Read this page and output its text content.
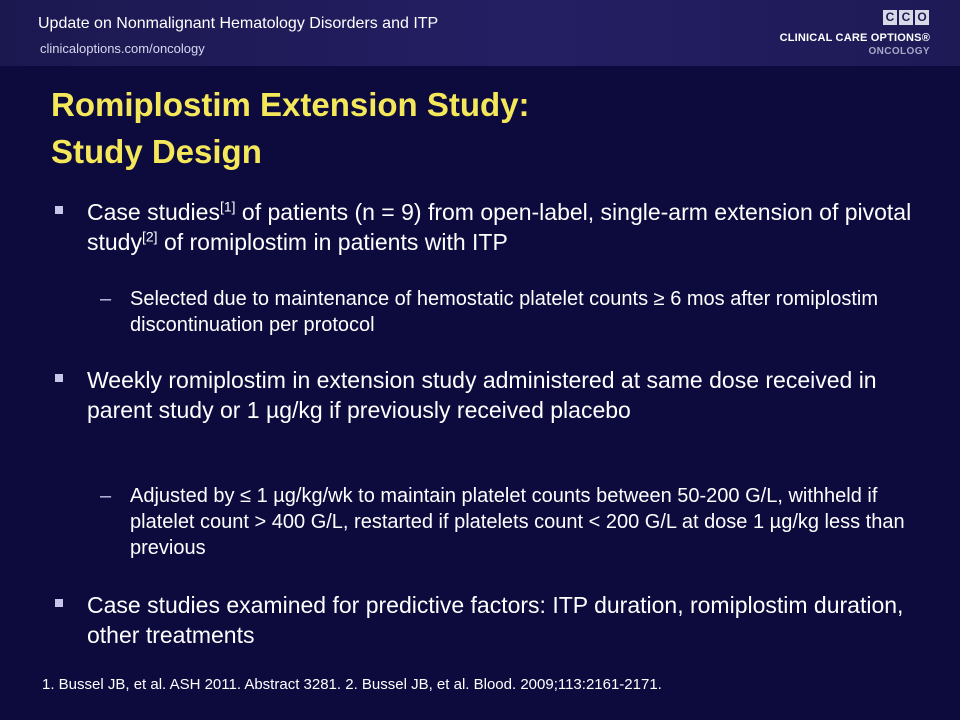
Update on Nonmalignant Hematology Disorders and ITP
clinicaloptions.com/oncology
C C O
CLINICAL CARE OPTIONS®
ONCOLOGY
Romiplostim Extension Study:
Study Design
Case studies[1] of patients (n = 9) from open-label, single-arm extension of pivotal study[2] of romiplostim in patients with ITP
– Selected due to maintenance of hemostatic platelet counts ≥ 6 mos after romiplostim discontinuation per protocol
Weekly romiplostim in extension study administered at same dose received in parent study or 1 µg/kg if previously received placebo
– Adjusted by ≤ 1 µg/kg/wk to maintain platelet counts between 50-200 G/L, withheld if platelet count > 400 G/L, restarted if platelets count < 200 G/L at dose 1 µg/kg less than previous
Case studies examined for predictive factors: ITP duration, romiplostim duration, other treatments
1. Bussel JB, et al. ASH 2011. Abstract 3281. 2. Bussel JB, et al. Blood. 2009;113:2161-2171.
